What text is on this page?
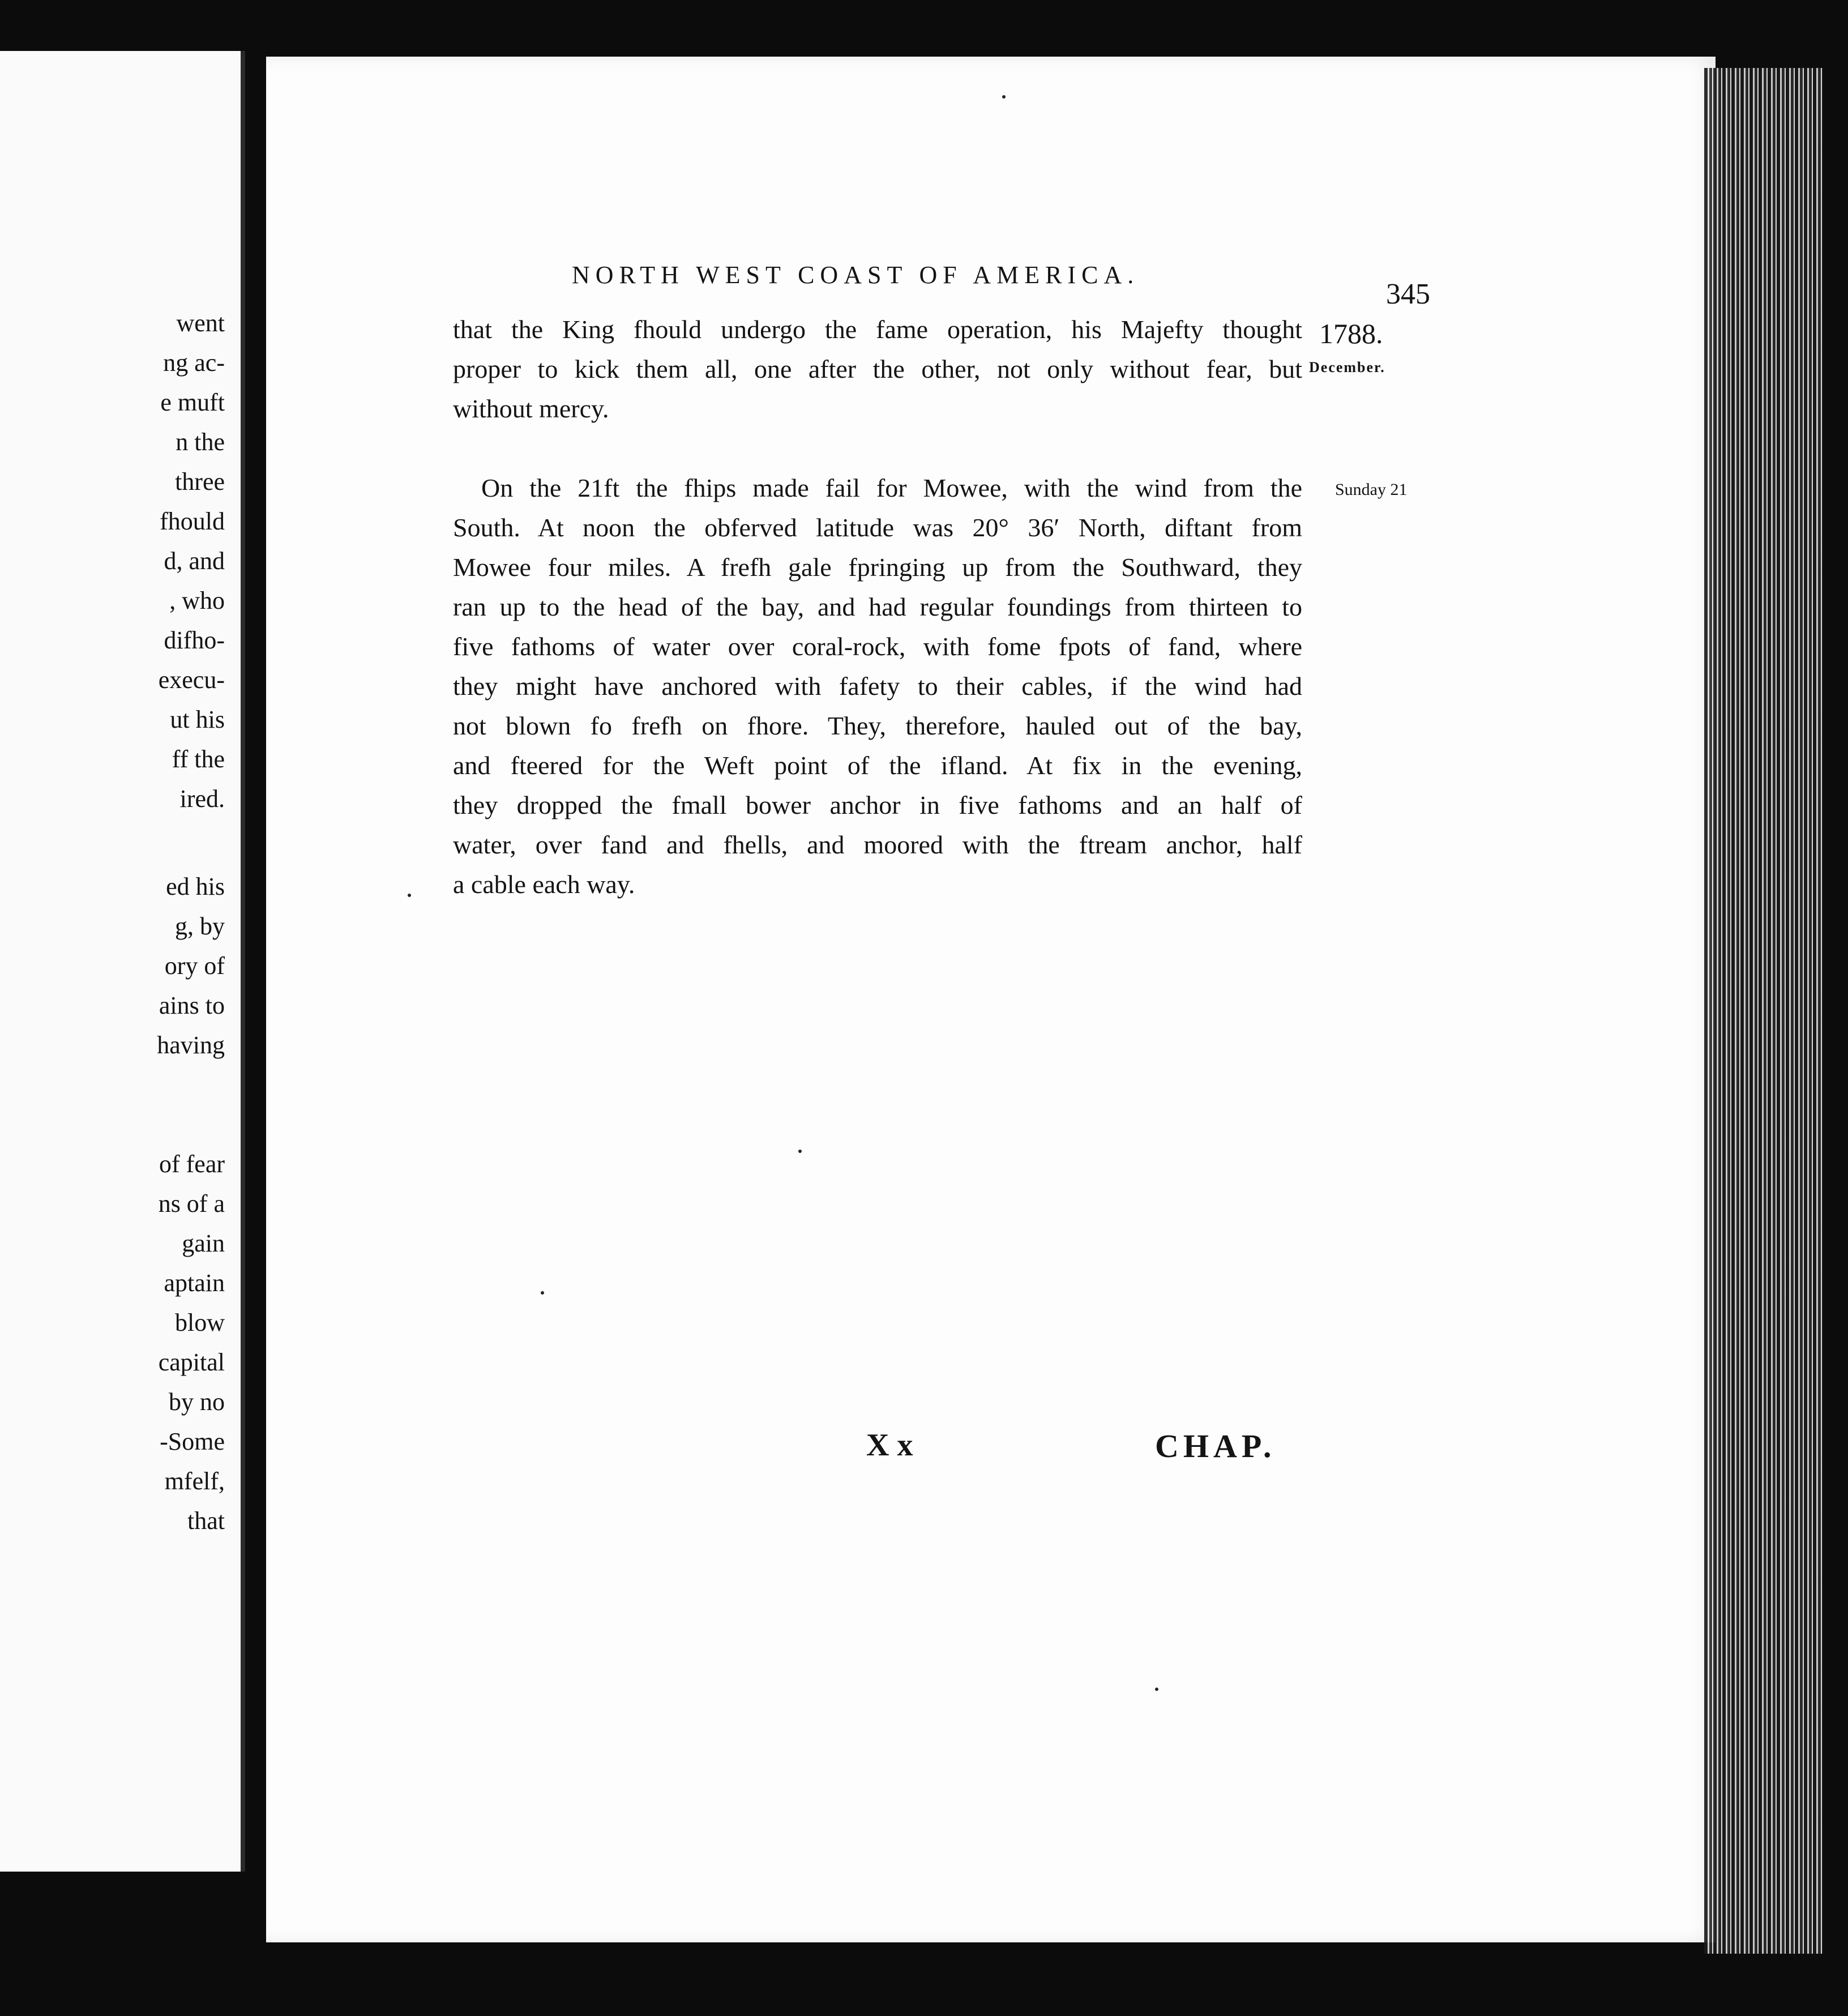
went
ng ac-
e muft
n the
three
fhould
d, and
, who
difho-
execu-
ut his
ff the
ired.
ed his
g, by
ory of
ains to
having
of fear
ns of a
gain
aptain
blow
capital
by no
-Some
mfelf,
that
NORTH WEST COAST OF AMERICA.
345
1788.
December.
Sunday 21
that the King fhould undergo the fame operation, his Majefty thought
proper to kick them all, one after the other, not only without fear, but
without mercy.
On the 21ft the fhips made fail for Mowee, with the wind from the
South. At noon the obferved latitude was 20° 36′ North, diftant from
Mowee four miles. A frefh gale fpringing up from the Southward, they
ran up to the head of the bay, and had regular foundings from thirteen to
five fathoms of water over coral-rock, with fome fpots of fand, where
they might have anchored with fafety to their cables, if the wind had
not blown fo frefh on fhore. They, therefore, hauled out of the bay,
and fteered for the Weft point of the ifland. At fix in the evening,
they dropped the fmall bower anchor in five fathoms and an half of
water, over fand and fhells, and moored with the ftream anchor, half
a cable each way.
X x	CHAP.
